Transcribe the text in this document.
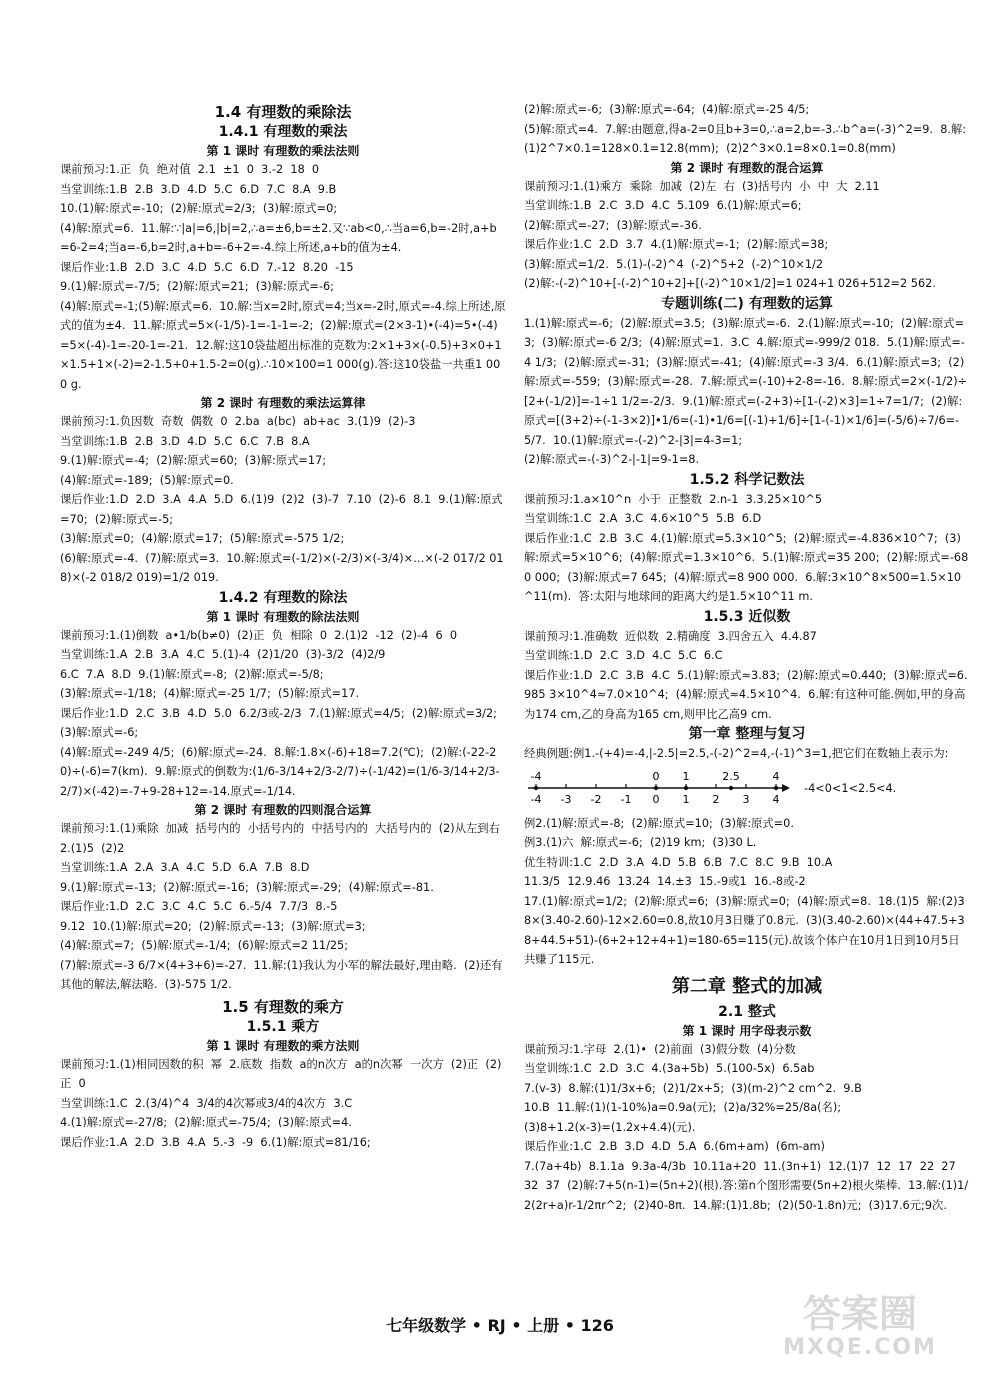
1.4 有理数的乘除法
1.4.1 有理数的乘法
第 1 课时 有理数的乘法法则
课前预习:1.正  负  绝对值  2.1  ±1  0  3.-2  18  0
当堂训练:1.B  2.B  3.D  4.D  5.C  6.D  7.C  8.A  9.B
10.(1)解:原式=-10;  (2)解:原式=2/3;  (3)解:原式=0;
(4)解:原式=6.  11.解:∵|a|=6,|b|=2,∴a=±6,b=±2.又∵ab<0,∴当a=6,b=-2时,a+b=6-2=4;当a=-6,b=2时,a+b=-6+2=-4.综上所述,a+b的值为±4.
课后作业:1.B  2.D  3.C  4.D  5.C  6.D  7.-12  8.20  -15
9.(1)解:原式=-7/5;  (2)解:原式=21;  (3)解:原式=-6;
(4)解:原式=-1;(5)解:原式=6.  10.解:当x=2时,原式=4;当x=-2时,原式=-4.综上所述,原式的值为±4.  11.解:原式=5×(-1/5)-1=-1-1=-2;  (2)解:原式=(2×3-1)•(-4)=5•(-4)=5×(-4)-1=-20-1=-21.  12.解:这10袋盐超出标准的克数为:2×1+3×(-0.5)+3×0+1×1.5+1×(-2)=2-1.5+0+1.5-2=0(g).∴10×100=1 000(g).答:这10袋盐一共重1 000 g.
第 2 课时 有理数的乘法运算律
课前预习:1.负因数  奇数  偶数  0  2.ba  a(bc)  ab+ac  3.(1)9  (2)-3
当堂训练:1.B  2.B  3.D  4.D  5.C  6.C  7.B  8.A
9.(1)解:原式=-4;  (2)解:原式=60;  (3)解:原式=17;
(4)解:原式=-189;  (5)解:原式=0.
课后作业:1.D  2.D  3.A  4.A  5.D  6.(1)9  (2)2  (3)-7  7.10  (2)-6  8.1  9.(1)解:原式=70;  (2)解:原式=-5;
(3)解:原式=0;  (4)解:原式=17;  (5)解:原式=-575 1/2;
(6)解:原式=-4.  (7)解:原式=3.  10.解:原式=(-1/2)×(-2/3)×(-3/4)×…×(-2 017/2 018)×(-2 018/2 019)=1/2 019.
1.4.2 有理数的除法
第 1 课时 有理数的除法法则
课前预习:1.(1)倒数  a•1/b(b≠0)  (2)正  负  相除  0  2.(1)2  -12  (2)-4  6  0
当堂训练:1.A  2.B  3.A  4.C  5.(1)-4  (2)1/20  (3)-3/2  (4)2/9
6.C  7.A  8.D  9.(1)解:原式=-8;  (2)解:原式=-5/8;
(3)解:原式=-1/18;  (4)解:原式=-25 1/7;  (5)解:原式=17.
课后作业:1.D  2.C  3.B  4.D  5.0  6.2/3或-2/3  7.(1)解:原式=4/5;  (2)解:原式=3/2;  (3)解:原式=-6;
(4)解:原式=-249 4/5;  (6)解:原式=-24.  8.解:1.8×(-6)+18=7.2(℃);  (2)解:(-22-20)÷(-6)=7(km).  9.解:原式的倒数为:(1/6-3/14+2/3-2/7)÷(-1/42)=(1/6-3/14+2/3-2/7)×(-42)=-7+9-28+12=-14.原式=-1/14.
第 2 课时 有理数的四则混合运算
课前预习:1.(1)乘除  加减  括号内的  小括号内的  中括号内的  大括号内的  (2)从左到右  2.(1)5  (2)2
当堂训练:1.A  2.A  3.A  4.C  5.D  6.A  7.B  8.D
9.(1)解:原式=-13;  (2)解:原式=-16;  (3)解:原式=-29;  (4)解:原式=-81.
课后作业:1.D  2.C  3.C  4.C  5.C  6.-5/4  7.7/3  8.-5
9.12  10.(1)解:原式=20;  (2)解:原式=-13;  (3)解:原式=3;
(4)解:原式=7;  (5)解:原式=-1/4;  (6)解:原式=2 11/25;
(7)解:原式=-3 6/7×(4+3+6)=-27.  11.解:(1)我认为小军的解法最好,理由略.  (2)还有其他的解法,解法略.  (3)-575 1/2.
1.5 有理数的乘方
1.5.1 乘方
第 1 课时 有理数的乘方法则
课前预习:1.(1)相同因数的积  幂  2.底数  指数  a的n次方  a的n次幂  一次方  (2)正  (2)正  0
当堂训练:1.C  2.(3/4)^4  3/4的4次幂或3/4的4次方  3.C
4.(1)解:原式=-27/8;  (2)解:原式=-75/4;  (3)解:原式=4.
课后作业:1.A  2.D  3.B  4.A  5.-3  -9  6.(1)解:原式=81/16;
(2)解:原式=-6;  (3)解:原式=-64;  (4)解:原式=-25 4/5;
(5)解:原式=4.  7.解:由题意,得a-2=0且b+3=0,∴a=2,b=-3.∴b^a=(-3)^2=9.  8.解:(1)2^7×0.1=128×0.1=12.8(mm);  (2)2^3×0.1=8×0.1=0.8(mm)
第 2 课时 有理数的混合运算
课前预习:1.(1)乘方  乘除  加减  (2)左  右  (3)括号内  小  中  大  2.11
当堂训练:1.B  2.C  3.D  4.C  5.109  6.(1)解:原式=6;
(2)解:原式=-27;  (3)解:原式=-36.
课后作业:1.C  2.D  3.7  4.(1)解:原式=-1;  (2)解:原式=38;
(3)解:原式=1/2.  5.(1)-(-2)^4  (-2)^5+2  (-2)^10×1/2
(2)解:-(-2)^10+[-(-2)^10+2]+[(-2)^10×1/2]=1 024+1 026+512=2 562.
专题训练(二) 有理数的运算
1.(1)解:原式=-6;  (2)解:原式=3.5;  (3)解:原式=-6.  2.(1)解:原式=-10;  (2)解:原式=3;  (3)解:原式=-6 2/3;  (4)解:原式=1.  3.C  4.解:原式=-999/2 018.  5.(1)解:原式=-4 1/3;  (2)解:原式=-31;  (3)解:原式=-41;  (4)解:原式=-3 3/4.  6.(1)解:原式=3;  (2)解:原式=-559;  (3)解:原式=-28.  7.解:原式=(-10)+2-8=-16.  8.解:原式=2×(-1/2)÷[2+(-1/2)]=-1÷1 1/2=-2/3.  9.(1)解:原式=(-2+3)÷[1-(-2)×3]=1÷7=1/7;  (2)解:原式=[(3+2)÷(-1-3×2)]•1/6=(-1)•1/6=[(-1)+1/6]÷[1-(-1)×1/6]=(-5/6)÷7/6=-5/7.  10.(1)解:原式=-(-2)^2-|3|=4-3=1;
(2)解:原式=-(-3)^2-|-1|=9-1=8.
1.5.2 科学记数法
课前预习:1.a×10^n  小于  正整数  2.n-1  3.3.25×10^5
当堂训练:1.C  2.A  3.C  4.6×10^5  5.B  6.D
课后作业:1.C  2.B  3.C  4.(1)解:原式=5.3×10^5;  (2)解:原式=-4.836×10^7;  (3)解:原式=5×10^6;  (4)解:原式=1.3×10^6.  5.(1)解:原式=35 200;  (2)解:原式=-680 000;  (3)解:原式=7 645;  (4)解:原式=8 900 000.  6.解:3×10^8×500=1.5×10^11(m).  答:太阳与地球间的距离大约是1.5×10^11 m.
1.5.3 近似数
课前预习:1.准确数  近似数  2.精确度  3.四舍五入  4.4.87
当堂训练:1.D  2.C  3.D  4.C  5.C  6.C
课后作业:1.D  2.C  3.B  4.C  5.(1)解:原式≈3.83;  (2)解:原式≈0.440;  (3)解:原式=6.985 3×10^4≈7.0×10^4;  (4)解:原式≈4.5×10^4.  6.解:有这种可能.例如,甲的身高为174 cm,乙的身高为165 cm,则甲比乙高9 cm.
第一章 整理与复习
经典例题:例1.-(+4)=-4,|-2.5|=2.5,-(-2)^2=4,-(-1)^3=1,把它们在数轴上表示为:
-4 -3 -2 -1 0 1 2 3 4
-4	0 1	2.5	4
-4<0<1<2.5<4.
例2.(1)解:原式=-8;  (2)解:原式=10;  (3)解:原式=0.
例3.(1)六  解:原式=-6;  (2)19 km;  (3)30 L.
优生特训:1.C  2.D  3.A  4.D  5.B  6.B  7.C  8.C  9.B  10.A
11.3/5  12.9.46  13.24  14.±3  15.-9或1  16.-8或-2
17.(1)解:原式=1/2;  (2)解:原式=6;  (3)解:原式=0;  (4)解:原式=8.  18.(1)5  解:(2)38×(3.40-2.60)-12×2.60=0.8,故10月3日赚了0.8元.  (3)(3.40-2.60)×(44+47.5+38+44.5+51)-(6+2+12+4+1)=180-65=115(元).故该个体户在10月1日到10月5日共赚了115元.
第二章 整式的加减
2.1 整式
第 1 课时 用字母表示数
课前预习:1.字母  2.(1)•  (2)前面  (3)假分数  (4)分数
当堂训练:1.C  2.D  3.C  4.(3a+5b)  5.(100-5x)  6.5ab
7.(v-3)  8.解:(1)1/3x+6;  (2)1/2x+5;  (3)(m-2)^2 cm^2.  9.B
10.B  11.解:(1)(1-10%)a=0.9a(元);  (2)a/32%=25/8a(名);
(3)8+1.2(x-3)=(1.2x+4.4)(元).
课后作业:1.C  2.B  3.D  4.D  5.A  6.(6m+am)  (6m-am)
7.(7a+4b)  8.1.1a  9.3a-4/3b  10.11a+20  11.(3n+1)  12.(1)7  12  17  22  27  32  37  (2)解:7+5(n-1)=(5n+2)(根).答:第n个图形需要(5n+2)根火柴棒.  13.解:(1)1/2(2r+a)r-1/2πr^2;  (2)40-8π.  14.解:(1)1.8b;  (2)(50-1.8n)元;  (3)17.6元;9次.
七年级数学 • RJ • 上册 • 126	答案圈
MXQE.COM
